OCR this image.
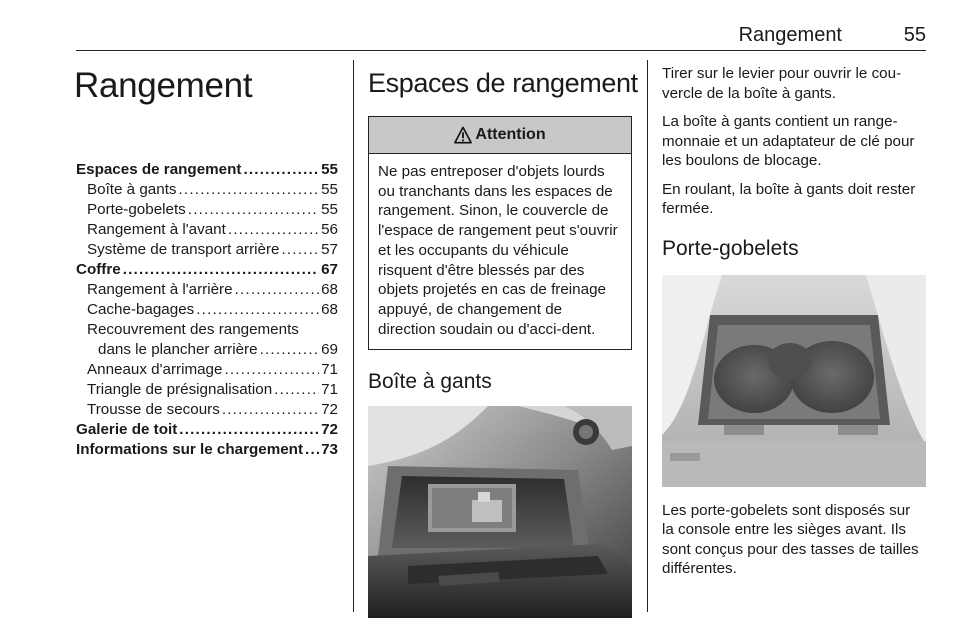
Rangement	55
Rangement
Espaces de rangement .....	55
Boîte à gants .....	55
Porte-gobelets .....	55
Rangement à l'avant .....	56
Système de transport arrière .....	57
Coffre .....	67
Rangement à l'arrière .....	68
Cache-bagages .....	68
Recouvrement des rangements
dans le plancher arrière .....	69
Anneaux d'arrimage .....	71
Triangle de présignalisation .....	71
Trousse de secours .....	72
Galerie de toit .....	72
Informations sur le chargement ..... 73
Espaces de rangement
Attention
Ne pas entreposer d'objets lourds ou tranchants dans les espaces de rangement. Sinon, le couvercle de l'espace de rangement peut s'ouvrir et les occupants du véhicule risquent d'être blessés par des objets projetés en cas de freinage appuyé, de changement de direction soudain ou d'acci-dent.
Boîte à gants

Tirer sur le levier pour ouvrir le cou-vercle de la boîte à gants.

La boîte à gants contient un range-monnaie et un adaptateur de clé pour les boulons de blocage.

En roulant, la boîte à gants doit rester fermée.

Porte-gobelets

Les porte-gobelets sont disposés sur la console entre les sièges avant. Ils sont conçus pour des tasses de tailles différentes.
